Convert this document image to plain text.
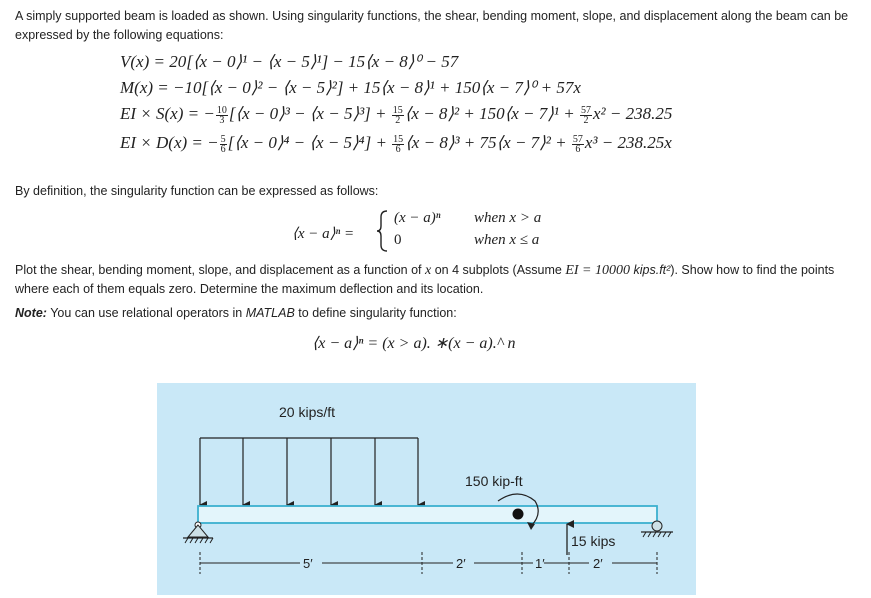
A simply supported beam is loaded as shown. Using singularity functions, the shear, bending moment, slope, and displacement along the beam can be expressed by the following equations:
V(x) = 20[⟨x − 0⟩¹ − ⟨x − 5⟩¹] − 15⟨x − 8⟩⁰ − 57
M(x) = −10[⟨x − 0⟩² − ⟨x − 5⟩²] + 15⟨x − 8⟩¹ + 150⟨x − 7⟩⁰ + 57x
EI × S(x) = − $\frac{10}{3}$ [⟨x − 0⟩³ − ⟨x − 5⟩³] + $\frac{15}{2}$ ⟨x − 8⟩² + 150⟨x − 7⟩¹ + $\frac{57}{2} x^2 - 238.25$
EI × D(x) = − $\frac{5}{6}$ [⟨x − 0⟩⁴ − ⟨x − 5⟩⁴] + $\frac{15}{6}$ ⟨x − 8⟩³ + 75⟨x − 7⟩² + $\frac{57}{6} x^3 - 238.25x$
By definition, the singularity function can be expressed as follows:
⟨x − a⟩ⁿ =
(x − a)ⁿ when x > a
0	when x ≤ a
Plot the shear, bending moment, slope, and displacement as a function of x on 4 subplots (Assume EI = 10000 kips.ft²). Show how to find the points where each of them equals zero. Determine the maximum deflection and its location.
Note: You can use relational operators in MATLAB to define singularity function:
⟨x − a⟩ⁿ = (x > a). ∗(x − a).^ n
20 kips/ft
150 kip-ft
15 kips
5′	2′	1′	2′
